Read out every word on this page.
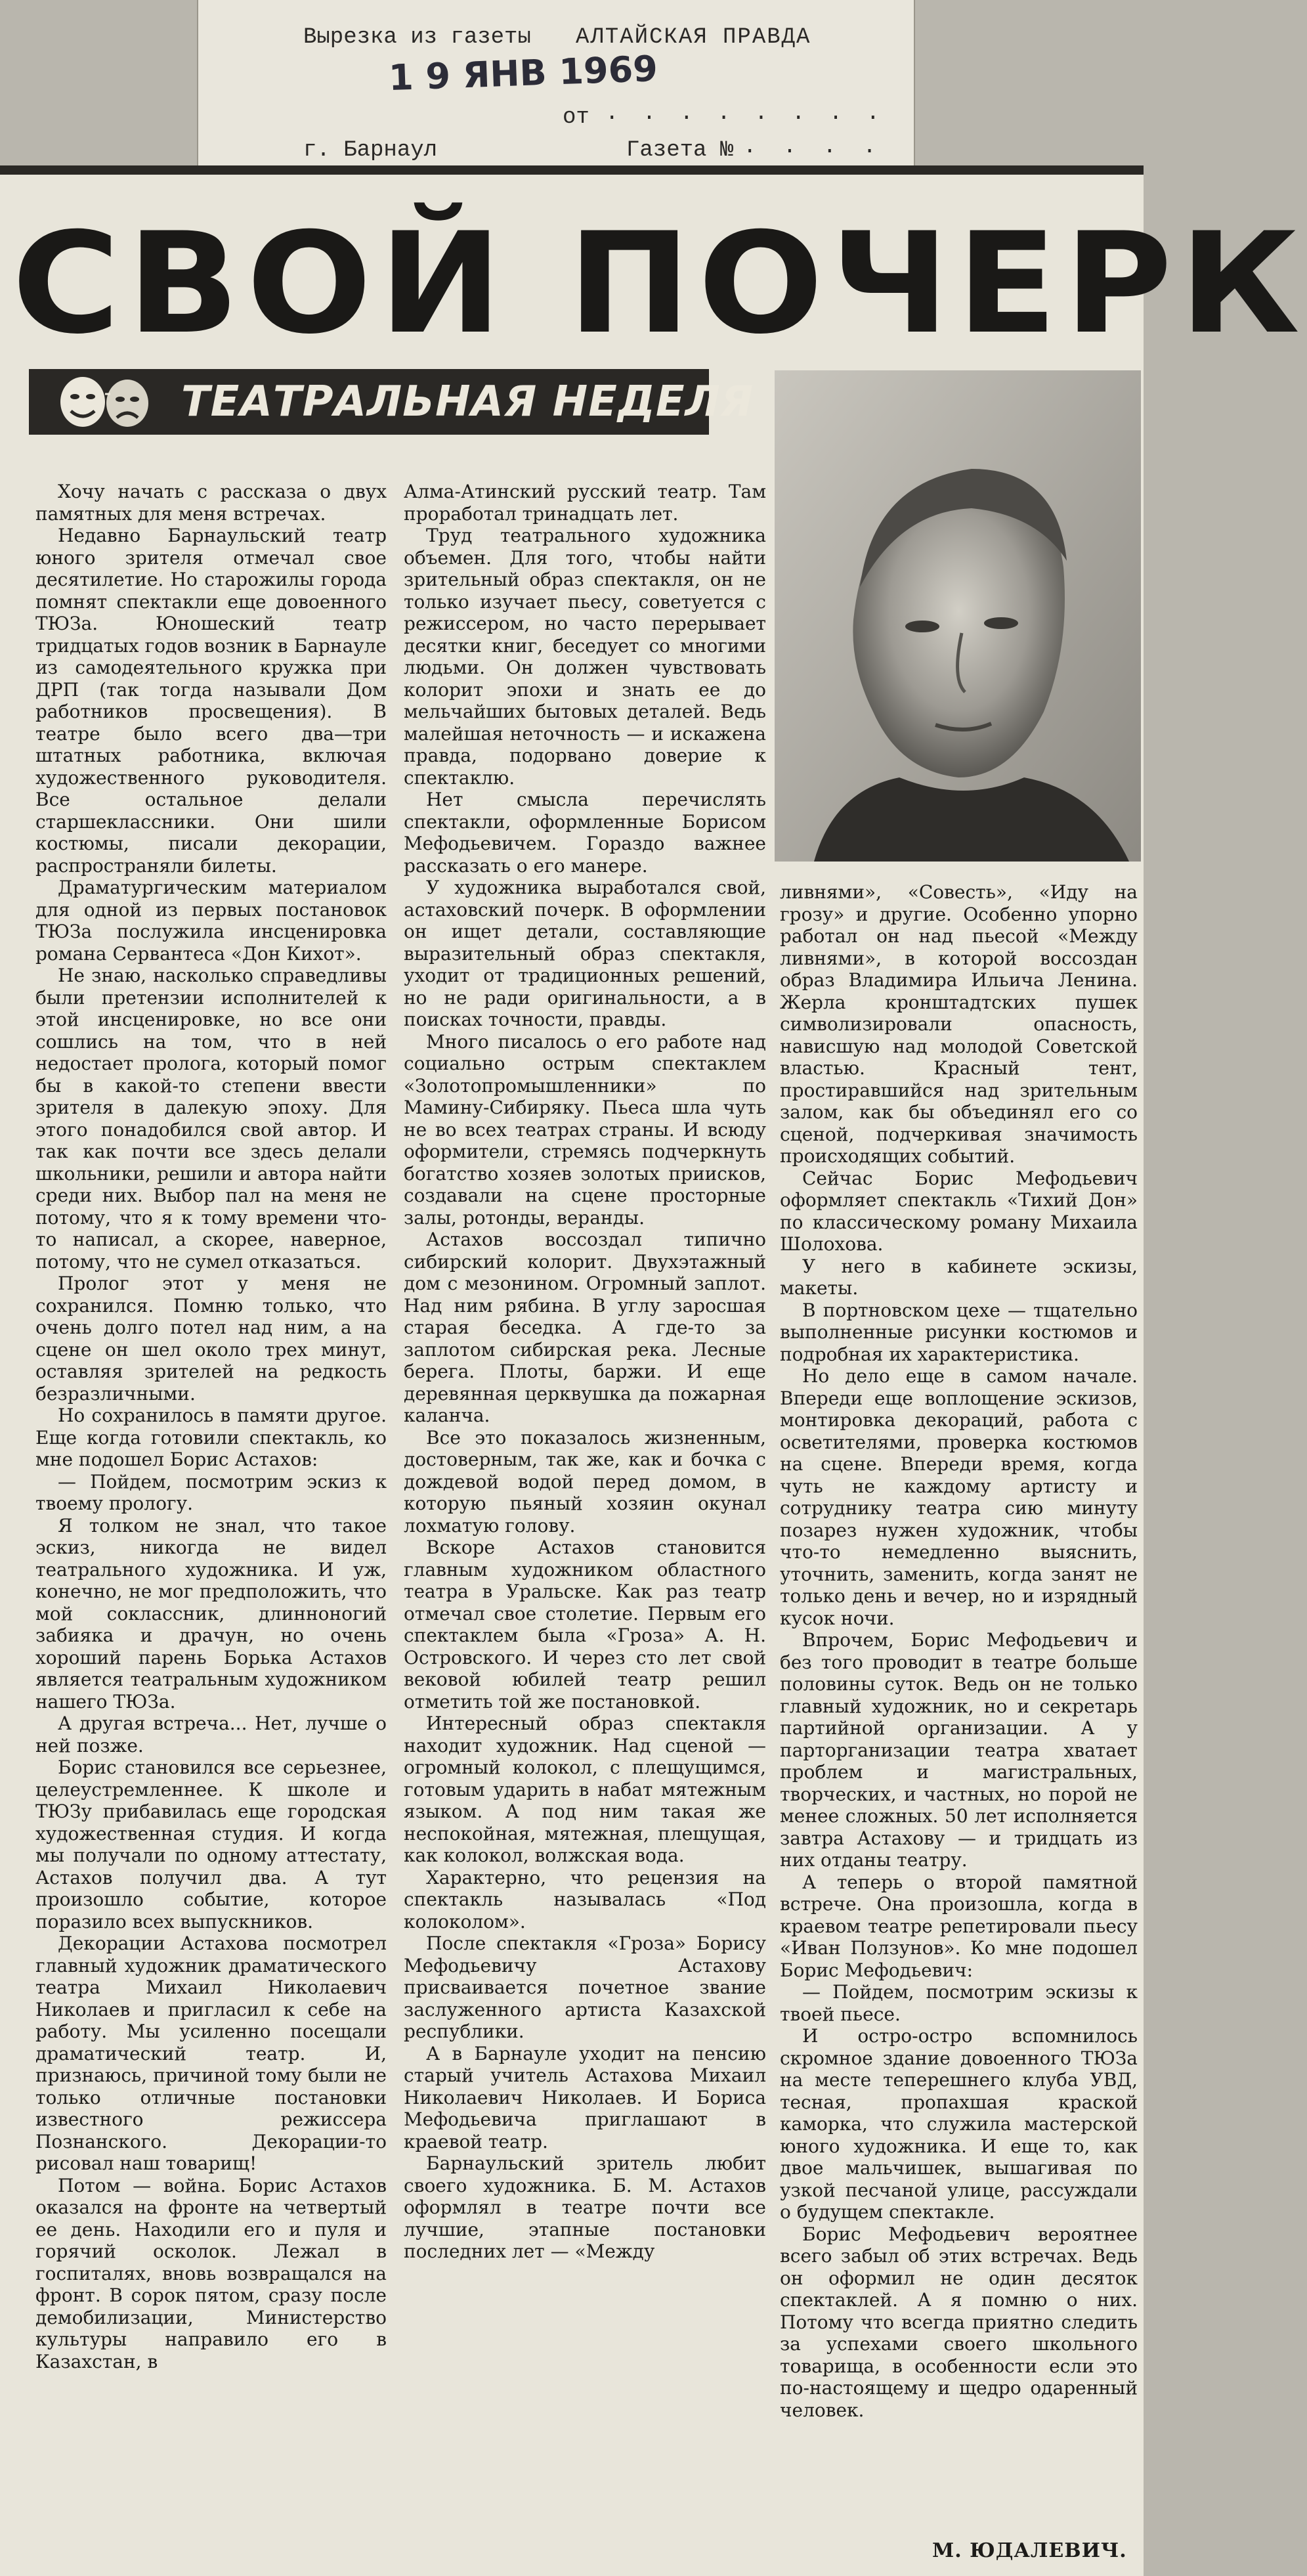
Вырезка из газеты АЛТАЙСКАЯ ПРАВДА
1 9 ЯНВ 1969
от . . . . . . . .
г. Барнаул	Газета № . . . .
СВОЙ ПОЧЕРК
ТЕАТРАЛЬНАЯ НЕДЕЛЯ

Хочу начать с рассказа о двух памятных для меня встречах.

Недавно Барнаульский театр юного зрителя отмечал свое десятилетие. Но старожилы города помнят спектакли еще довоенного ТЮЗа. Юношеский театр тридцатых годов возник в Барнауле из самодеятельного кружка при ДРП (так тогда называли Дом работников просвещения). В театре было всего два—три штатных работника, включая художественного руководителя. Все остальное делали старшеклассники. Они шили костюмы, писали декорации, распространяли билеты.

Драматургическим материалом для одной из первых постановок ТЮЗа послужила инсценировка романа Сервантеса «Дон Кихот».

Не знаю, насколько справедливы были претензии исполнителей к этой инсценировке, но все они сошлись на том, что в ней недостает пролога, который помог бы в какой-то степени ввести зрителя в далекую эпоху. Для этого понадобился свой автор. И так как почти все здесь делали школьники, решили и автора найти среди них. Выбор пал на меня не потому, что я к тому времени что-то написал, а скорее, наверное, потому, что не сумел отказаться.

Пролог этот у меня не сохранился. Помню только, что очень долго потел над ним, а на сцене он шел около трех минут, оставляя зрителей на редкость безразличными.

Но сохранилось в памяти другое. Еще когда готовили спектакль, ко мне подошел Борис Астахов:

— Пойдем, посмотрим эскиз к твоему прологу.

Я толком не знал, что такое эскиз, никогда не видел театрального художника. И уж, конечно, не мог предположить, что мой соклассник, длинноногий забияка и драчун, но очень хороший парень Борька Астахов является театральным художником нашего ТЮЗа.

А другая встреча... Нет, лучше о ней позже.

Борис становился все серьезнее, целеустремленнее. К школе и ТЮЗу прибавилась еще городская художественная студия. И когда мы получали по одному аттестату, Астахов получил два. А тут произошло событие, которое поразило всех выпускников.

Декорации Астахова посмотрел главный художник драматического театра Михаил Николаевич Николаев и пригласил к себе на работу. Мы усиленно посещали драматический театр. И, признаюсь, причиной тому были не только отличные постановки известного режиссера Познанского. Декорации-то рисовал наш товарищ!

Потом — война. Борис Астахов оказался на фронте на четвертый ее день. Находили его и пуля и горячий осколок. Лежал в госпиталях, вновь возвращался на фронт. В сорок пятом, сразу после демобилизации, Министерство культуры направило его в Казахстан, в

Алма-Атинский русский театр. Там проработал тринадцать лет.

Труд театрального художника объемен. Для того, чтобы найти зрительный образ спектакля, он не только изучает пьесу, советуется с режиссером, но часто перерывает десятки книг, беседует со многими людьми. Он должен чувствовать колорит эпохи и знать ее до мельчайших бытовых деталей. Ведь малейшая неточность — и искажена правда, подорвано доверие к спектаклю.

Нет смысла перечислять спектакли, оформленные Борисом Мефодьевичем. Гораздо важнее рассказать о его манере.

У художника выработался свой, астаховский почерк. В оформлении он ищет детали, составляющие выразительный образ спектакля, уходит от традиционных решений, но не ради оригинальности, а в поисках точности, правды.

Много писалось о его работе над социально острым спектаклем «Золотопромышленники» по Мамину-Сибиряку. Пьеса шла чуть не во всех театрах страны. И всюду оформители, стремясь подчеркнуть богатство хозяев золотых приисков, создавали на сцене просторные залы, ротонды, веранды.

Астахов воссоздал типично сибирский колорит. Двухэтажный дом с мезонином. Огромный заплот. Над ним рябина. В углу заросшая старая беседка. А где-то за заплотом сибирская река. Лесные берега. Плоты, баржи. И еще деревянная церквушка да пожарная каланча.

Все это показалось жизненным, достоверным, так же, как и бочка с дождевой водой перед домом, в которую пьяный хозяин окунал лохматую голову.

Вскоре Астахов становится главным художником областного театра в Уральске. Как раз театр отмечал свое столетие. Первым его спектаклем была «Гроза» А. Н. Островского. И через сто лет свой вековой юбилей театр решил отметить той же постановкой.

Интересный образ спектакля находит художник. Над сценой — огромный колокол, с плещущимся, готовым ударить в набат мятежным языком. А под ним такая же неспокойная, мятежная, плещущая, как колокол, волжская вода.

Характерно, что рецензия на спектакль называлась «Под колоколом».

После спектакля «Гроза» Борису Мефодьевичу Астахову присваивается почетное звание заслуженного артиста Казахской республики.

А в Барнауле уходит на пенсию старый учитель Астахова Михаил Николаевич Николаев. И Бориса Мефодьевича приглашают в краевой театр.

Барнаульский зритель любит своего художника. Б. М. Астахов оформлял в театре почти все лучшие, этапные постановки последних лет — «Между

ливнями», «Совесть», «Иду на грозу» и другие. Особенно упорно работал он над пьесой «Между ливнями», в которой воссоздан образ Владимира Ильича Ленина. Жерла кронштадтских пушек символизировали опасность, нависшую над молодой Советской властью. Красный тент, простиравшийся над зрительным залом, как бы объединял его со сценой, подчеркивая значимость происходящих событий.

Сейчас Борис Мефодьевич оформляет спектакль «Тихий Дон» по классическому роману Михаила Шолохова.

У него в кабинете эскизы, макеты.

В портновском цехе — тщательно выполненные рисунки костюмов и подробная их характеристика.

Но дело еще в самом начале. Впереди еще воплощение эскизов, монтировка декораций, работа с осветителями, проверка костюмов на сцене. Впереди время, когда чуть не каждому артисту и сотруднику театра сию минуту позарез нужен художник, чтобы что-то немедленно выяснить, уточнить, заменить, когда занят не только день и вечер, но и изрядный кусок ночи.

Впрочем, Борис Мефодьевич и без того проводит в театре больше половины суток. Ведь он не только главный художник, но и секретарь партийной организации. А у парторганизации театра хватает проблем и магистральных, творческих, и частных, но порой не менее сложных. 50 лет исполняется завтра Астахову — и тридцать из них отданы театру.

А теперь о второй памятной встрече. Она произошла, когда в краевом театре репетировали пьесу «Иван Ползунов». Ко мне подошел Борис Мефодьевич:

— Пойдем, посмотрим эскизы к твоей пьесе.

И остро-остро вспомнилось скромное здание довоенного ТЮЗа на месте теперешнего клуба УВД, тесная, пропахшая краской каморка, что служила мастерской юного художника. И еще то, как двое мальчишек, вышагивая по узкой песчаной улице, рассуждали о будущем спектакле.

Борис Мефодьевич вероятнее всего забыл об этих встречах. Ведь он оформил не один десяток спектаклей. А я помню о них. Потому что всегда приятно следить за успехами своего школьного товарища, в особенности если это по-настоящему и щедро одаренный человек.

М. ЮДАЛЕВИЧ.
